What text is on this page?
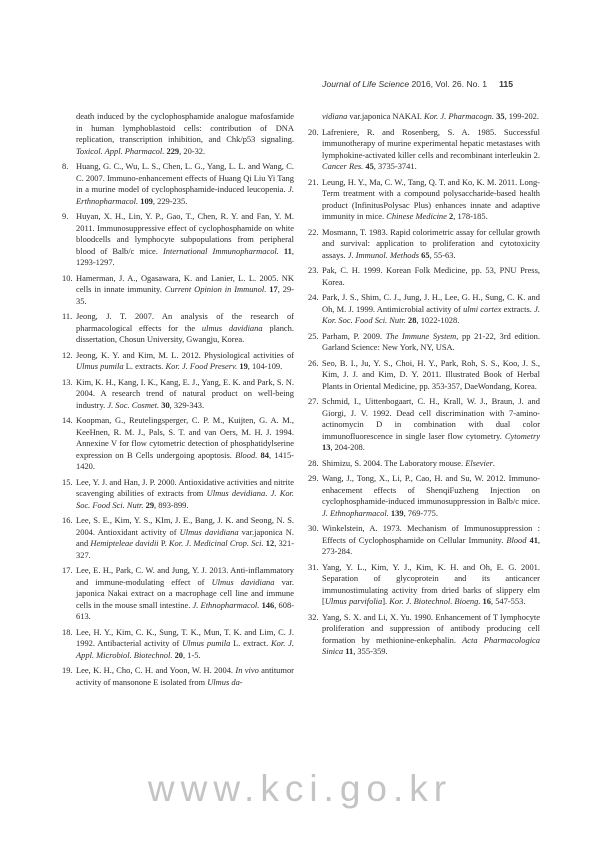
Journal of Life Science 2016, Vol. 26. No. 1 115
death induced by the cyclophosphamide analogue mafosfamide in human lymphoblastoid cells: contribution of DNA replication, transcription inhibition, and Chk/p53 signaling. Toxicol. Appl. Pharmacol. 229, 20-32.
8. Huang, G. C., Wu, L. S., Chen, L. G., Yang, L. L. and Wang, C. C. 2007. Immuno-enhancement effects of Huang Qi Liu Yi Tang in a murine model of cyclophosphamide-induced leucopenia. J. Erthnopharmacol. 109, 229-235.
9. Huyan, X. H., Lin, Y. P., Gao, T., Chen, R. Y. and Fan, Y. M. 2011. Immunosuppressive effect of cyclophosphamide on white bloodcells and lymphocyte subpopulations from peripheral blood of Balb/c mice. International Immunopharmacol. 11, 1293-1297.
10. Hamerman, J. A., Ogasawara, K. and Lanier, L. L. 2005. NK cells in innate immunity. Current Opinion in Immunol. 17, 29-35.
11. Jeong, J. T. 2007. An analysis of the research of pharmacological effects for the ulmus davidiana planch. dissertation, Chosun University, Gwangju, Korea.
12. Jeong, K. Y. and Kim, M. L. 2012. Physiological activities of Ulmus pumila L. extracts. Kor. J. Food Preserv. 19, 104-109.
13. Kim, K. H., Kang, I. K., Kang, E. J., Yang, E. K. and Park, S. N. 2004. A research trend of natural product on well-being industry. J. Soc. Cosmet. 30, 329-343.
14. Koopman, G., Reutelingsperger, C. P. M., Kuijten, G. A. M., KeeHnen, R. M. J., Pals, S. T. and van Oers, M. H. J. 1994. Annexine V for flow cytometric detection of phosphatidylserine expression on B Cells undergoing apoptosis. Blood. 84, 1415-1420.
15. Lee, Y. J. and Han, J. P. 2000. Antioxidative activities and nitrite scavenging abilities of extracts from Ulmus devidiana. J. Kor. Soc. Food Sci. Nutr. 29, 893-899.
16. Lee, S. E., Kim, Y. S., KIm, J. E., Bang, J. K. and Seong, N. S. 2004. Antioxidant activity of Ulmus davidiana var.japonica N. and Hemipteleae davidii P. Kor. J. Medicinal Crop. Sci. 12, 321-327.
17. Lee, E. H., Park, C. W. and Jung, Y. J. 2013. Anti-inflammatory and immune-modulating effect of Ulmus davidiana var. japonica Nakai extract on a macrophage cell line and immune cells in the mouse small intestine. J. Ethnopharmacol. 146, 608-613.
18. Lee, H. Y., Kim, C. K., Sung, T. K., Mun, T. K. and Lim, C. J. 1992. Antibacterial activity of Ulmus pumila L. extract. Kor. J. Appl. Microbiol. Biotechnol. 20, 1-5.
19. Lee, K. H., Cho, C. H. and Yoon, W. H. 2004. In vivo antitumor activity of mansonone E isolated from Ulmus da-
vidiana var.japonica NAKAI. Kor. J. Pharmacogn. 35, 199-202.
20. Lafreniere, R. and Rosenberg, S. A. 1985. Successful immunotherapy of murine experimental hepatic metastases with lymphokine-activated killer cells and recombinant interleukin 2. Cancer Res. 45, 3735-3741.
21. Leung, H. Y., Ma, C. W., Tang, Q. T. and Ko, K. M. 2011. Long-Term treatment with a compound polysaccharide-based health product (InfinitusPolysac Plus) enhances innate and adaptive immunity in mice. Chinese Medicine 2, 178-185.
22. Mosmann, T. 1983. Rapid colorimetric assay for cellular growth and survival: application to proliferation and cytotoxicity assays. J. Immunol. Methods 65, 55-63.
23. Pak, C. H. 1999. Korean Folk Medicine, pp. 53, PNU Press, Korea.
24. Park, J. S., Shim, C. J., Jung, J. H., Lee, G. H., Sung, C. K. and Oh, M. J. 1999. Antimicrobial activity of ulmi cortex extracts. J. Kor. Soc. Food Sci. Nutr. 28, 1022-1028.
25. Parham, P. 2009. The Immune System, pp 21-22, 3rd edition. Garland Science: New York, NY, USA.
26. Seo, B. I., Ju, Y. S., Choi, H. Y., Park, Roh, S. S., Koo, J. S., Kim, J. J. and Kim, D. Y. 2011. Illustrated Book of Herbal Plants in Oriental Medicine, pp. 353-357, DaeWondang, Korea.
27. Schmid, I., Uittenbogaart, C. H., Krall, W. J., Braun, J. and Giorgi, J. V. 1992. Dead cell discrimination with 7-amino-actinomycin D in combination with dual color immunofluorescence in single laser flow cytometry. Cytometry 13, 204-208.
28. Shimizu, S. 2004. The Laboratory mouse. Elsevier.
29. Wang, J., Tong, X., Li, P., Cao, H. and Su, W. 2012. Immuno-enhacement effects of ShenqiFuzheng Injection on cyclophosphamide-induced immunosuppression in Balb/c mice. J. Ethnopharmacol. 139, 769-775.
30. Winkelstein, A. 1973. Mechanism of Immunosuppression : Effects of Cyclophosphamide on Cellular Immunity. Blood 41, 273-284.
31. Yang, Y. L., Kim, Y. J., Kim, K. H. and Oh, E. G. 2001. Separation of glycoprotein and its anticancer immunostimulating activity from dried barks of slippery elm [Ulmus parvifolia]. Kor. J. Biotechnol. Bioeng. 16, 547-553.
32. Yang, S. X. and Li, X. Yu. 1990. Enhancement of T lymphocyte proliferation and suppression of antibody producing cell formation by methionine-enkephalin. Acta Pharmacologica Sinica 11, 355-359.
www.kci.go.kr
